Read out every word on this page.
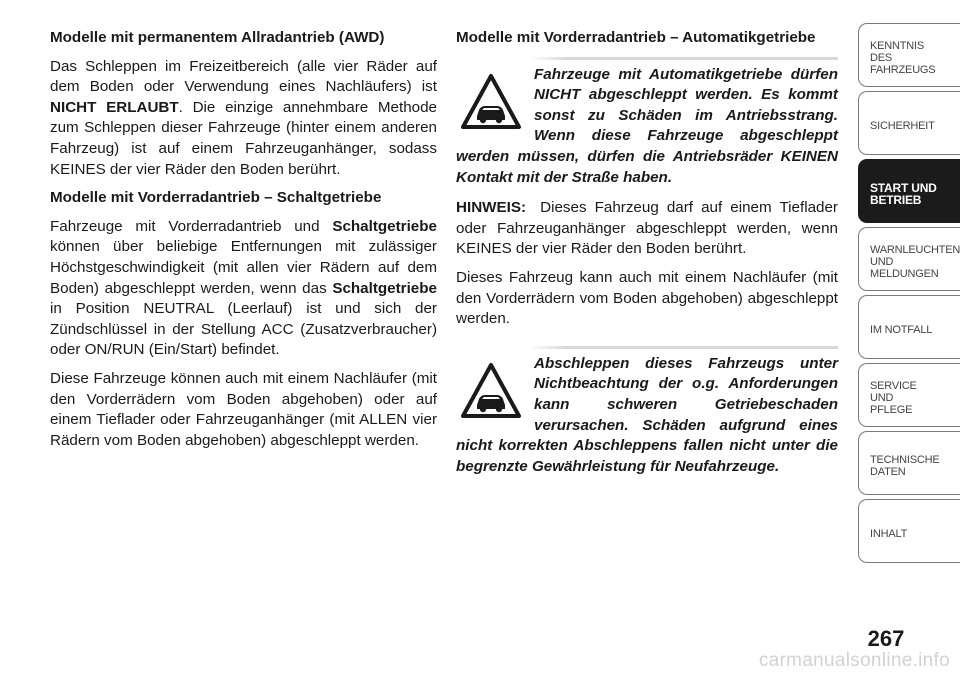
Modelle mit permanentem Allradantrieb (AWD)

Das Schleppen im Freizeitbereich (alle vier Räder auf dem Boden oder Verwendung eines Nachläufers) ist NICHT ERLAUBT. Die einzige annehmbare Methode zum Schleppen dieser Fahrzeuge (hinter einem anderen Fahrzeug) ist auf einem Fahrzeuganhänger, sodass KEINES der vier Räder den Boden berührt.

Modelle mit Vorderradantrieb – Schaltgetriebe

Fahrzeuge mit Vorderradantrieb und Schaltgetriebe können über beliebige Entfernungen mit zulässiger Höchstgeschwindigkeit (mit allen vier Rädern auf dem Boden) abgeschleppt werden, wenn das Schaltgetriebe in Position NEUTRAL (Leerlauf) ist und sich der Zündschlüssel in der Stellung ACC (Zusatzverbraucher) oder ON/RUN (Ein/Start) befindet.

Diese Fahrzeuge können auch mit einem Nachläufer (mit den Vorderrädern vom Boden abgehoben) oder auf einem Tieflader oder Fahrzeuganhänger (mit ALLEN vier Rädern vom Boden abgehoben) abgeschleppt werden.

Modelle mit Vorderradantrieb – Automatikgetriebe

Fahrzeuge mit Automatikgetriebe dürfen NICHT abgeschleppt werden. Es kommt sonst zu Schäden im Antriebsstrang. Wenn diese Fahrzeuge abgeschleppt werden müssen, dürfen die Antriebsräder KEINEN Kontakt mit der Straße haben.

HINWEIS: Dieses Fahrzeug darf auf einem Tieflader oder Fahrzeuganhänger abgeschleppt werden, wenn KEINES der vier Räder den Boden berührt.

Dieses Fahrzeug kann auch mit einem Nachläufer (mit den Vorderrädern vom Boden abgehoben) abgeschleppt werden.

Abschleppen dieses Fahrzeugs unter Nichtbeachtung der o.g. Anforderungen kann schweren Getriebeschaden verursachen. Schäden aufgrund eines nicht korrekten Abschleppens fallen nicht unter die begrenzte Gewährleistung für Neufahrzeuge.

KENNTNIS
DES
FAHRZEUGS
SICHERHEIT
START UND
BETRIEB
WARNLEUCHTEN
UND
MELDUNGEN
IM NOTFALL
SERVICE
UND
PFLEGE
TECHNISCHE
DATEN
INHALT
267
carmanualsonline.info
